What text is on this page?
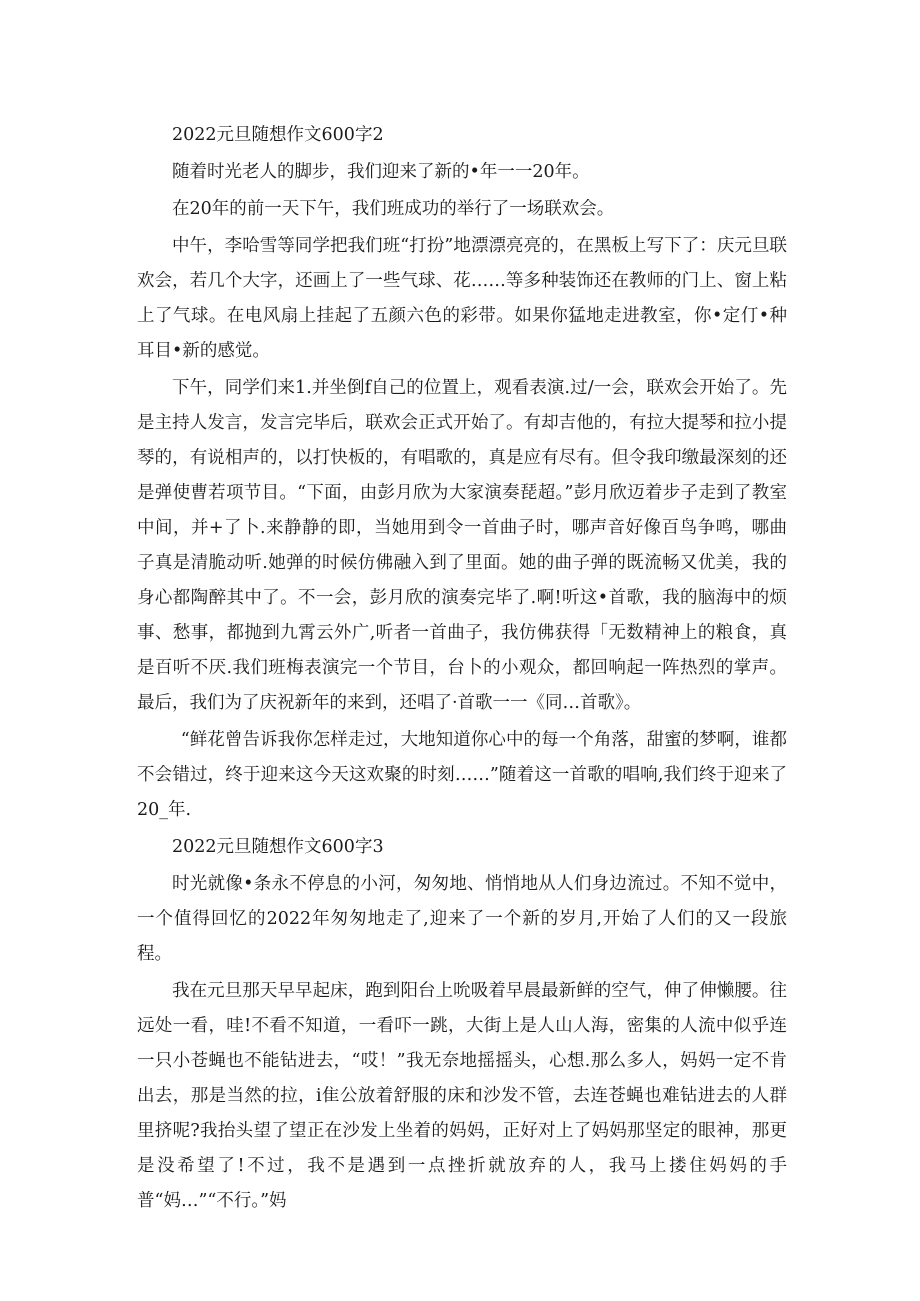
2022元旦随想作文600字2

随着时光老人的脚步，我们迎来了新的•年一一20年。

在20年的前一天下午，我们班成功的举行了一场联欢会。

中午，李哈雪等同学把我们班“打扮”地漂漂亮亮的，在黑板上写下了：庆元旦联欢会，若几个大字，还画上了一些气球、花……等多种装饰还在教师的门上、窗上粘上了气球。在电风扇上挂起了五颜六色的彩带。如果你猛地走进教室，你•定仃•种耳目•新的感觉。

下午，同学们来1.并坐倒f自己的位置上，观看表演.过/一会，联欢会开始了。先是主持人发言，发言完毕后，联欢会正式开始了。有却吉他的，有拉大提琴和拉小提琴的，有说相声的，以打快板的，有唱歌的，真是应有尽有。但令我印缴最深刻的还是弹使曹若项节目。“下面，由彭月欣为大家演奏琵超。”彭月欣迈着步子走到了教室中间，并+了卜.来静静的即，当她用到令一首曲子时，哪声音好像百鸟争鸣，哪曲子真是清脆动听.她弹的时候仿佛融入到了里面。她的曲子弹的既流畅又优美，我的身心都陶醉其中了。不一会，彭月欣的演奏完毕了.啊!听这•首歌，我的脑海中的烦事、愁事，都抛到九霄云外广,听者一首曲子，我仿佛获得「无数精神上的粮食，真是百听不厌.我们班梅表演完一个节目，台卜的小观众，都回响起一阵热烈的掌声。最后，我们为了庆祝新年的来到，还唱了·首歌一一《同…首歌》。

“鲜花曾告诉我你怎样走过，大地知道你心中的每一个角落，甜蜜的梦啊，谁都不会错过，终于迎来这今天这欢聚的时刻……”随着这一首歌的唱响,我们终于迎来了20_年.

2022元旦随想作文600字3

时光就像•条永不停息的小河，匆匆地、悄悄地从人们身边流过。不知不觉中，一个值得回忆的2022年匆匆地走了,迎来了一个新的岁月,开始了人们的又一段旅程。

我在元旦那天早早起床，跑到阳台上吮吸着早晨最新鲜的空气，伸了伸懒腰。往远处一看，哇!不看不知道，一看吓一跳，大街上是人山人海，密集的人流中似乎连一只小苍蝇也不能钻进去，“哎！”我无奈地摇摇头，心想.那么多人，妈妈一定不肯出去，那是当然的拉，i隹公放着舒服的床和沙发不管，去连苍蝇也难钻进去的人群里挤呢?我抬头望了望正在沙发上坐着的妈妈，正好对上了妈妈那坚定的眼神，那更是没希望了!不过，我不是遇到一点挫折就放弃的人，我马上搂住妈妈的手普“妈…”“不行。”妈
